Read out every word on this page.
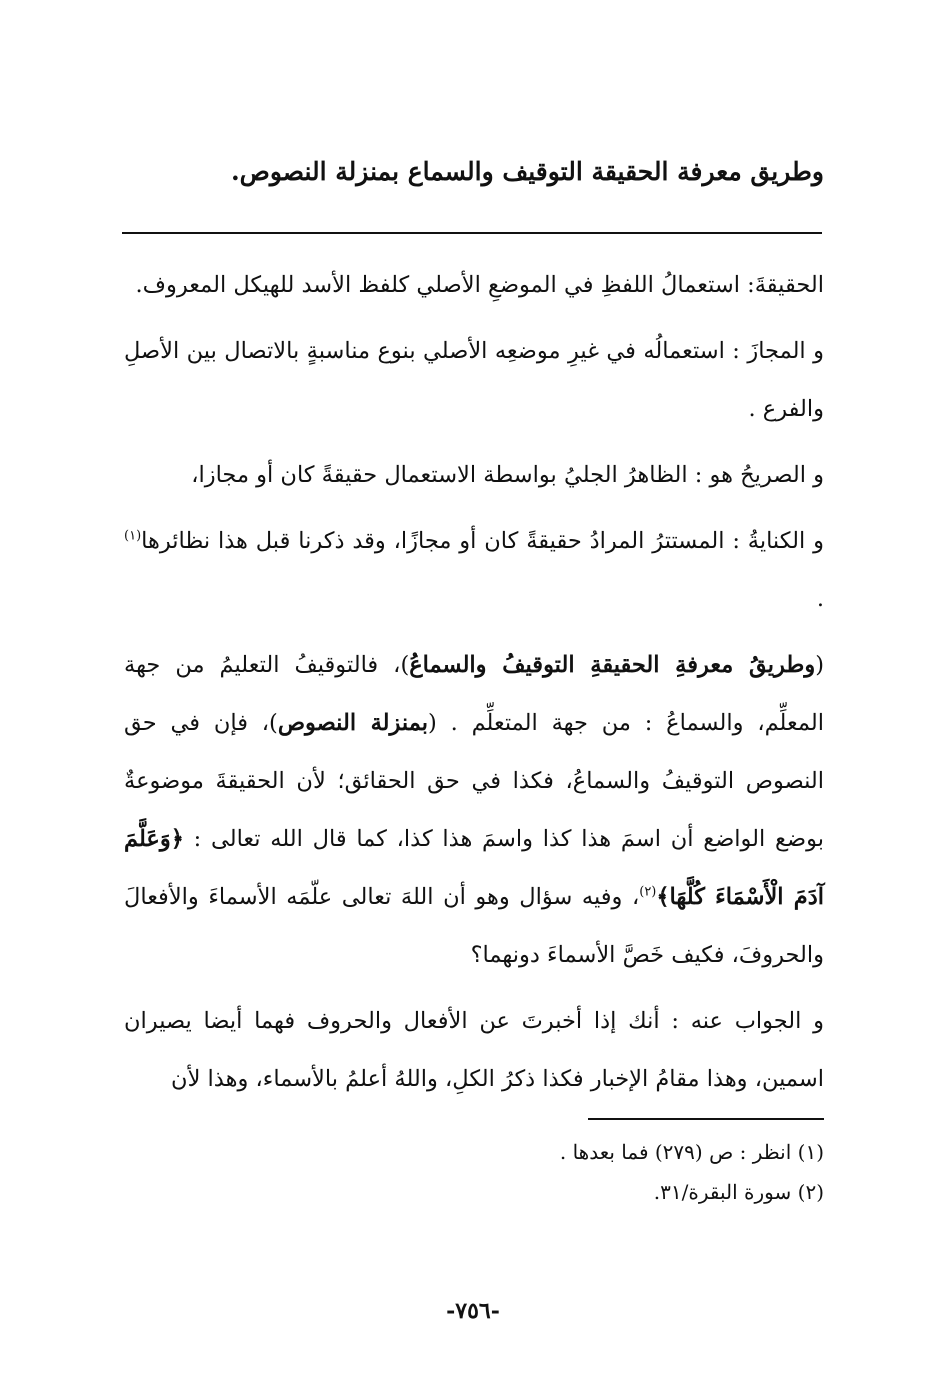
وطريق معرفة الحقيقة التوقيف والسماع بمنزلة النصوص.

الحقيقةَ: استعمالُ اللفظِ في الموضعِ الأصلي كلفظ الأسد للهيكل المعروف.

و المجازَ : استعمالُه في غيرِ موضعِه الأصلي بنوع مناسبةٍ بالاتصال بين الأصلِ والفرع .

و الصريحُ هو : الظاهرُ الجليُ بواسطة الاستعمال حقيقةً كان أو مجازا،

و الكنايةُ : المستترُ المرادُ حقيقةً كان أو مجازًا، وقد ذكرنا قبل هذا نظائرها$^{(١)}$ .

(وطريقُ معرفةِ الحقيقةِ التوقيفُ والسماعُ)، فالتوقيفُ التعليمُ من جهة المعلِّم، والسماعُ : من جهة المتعلِّم . (بمنزلة النصوص)، فإن في حق النصوص التوقيفُ والسماعُ، فكذا في حق الحقائق؛ لأن الحقيقةَ موضوعةٌ بوضع الواضع أن اسمَ هذا كذا واسمَ هذا كذا، كما قال الله تعالى : ﴿وَعَلَّمَ آدَمَ الْأَسْمَاءَ كُلَّهَا﴾$^{(٢)}$، وفيه سؤال وهو أن اللهَ تعالى علّمَه الأسماءَ والأفعالَ والحروفَ، فكيف خَصَّ الأسماءَ دونهما؟

و الجواب عنه : أنك إذا أخبرتَ عن الأفعال والحروف فهما أيضا يصيران اسمين، وهذا مقامُ الإخبار فكذا ذكرُ الكلِ، واللهُ أعلمُ بالأسماء، وهذا لأن

(١) انظر : ص (٢٧٩) فما بعدها .
(٢) سورة البقرة/٣١.
-٧٥٦-
